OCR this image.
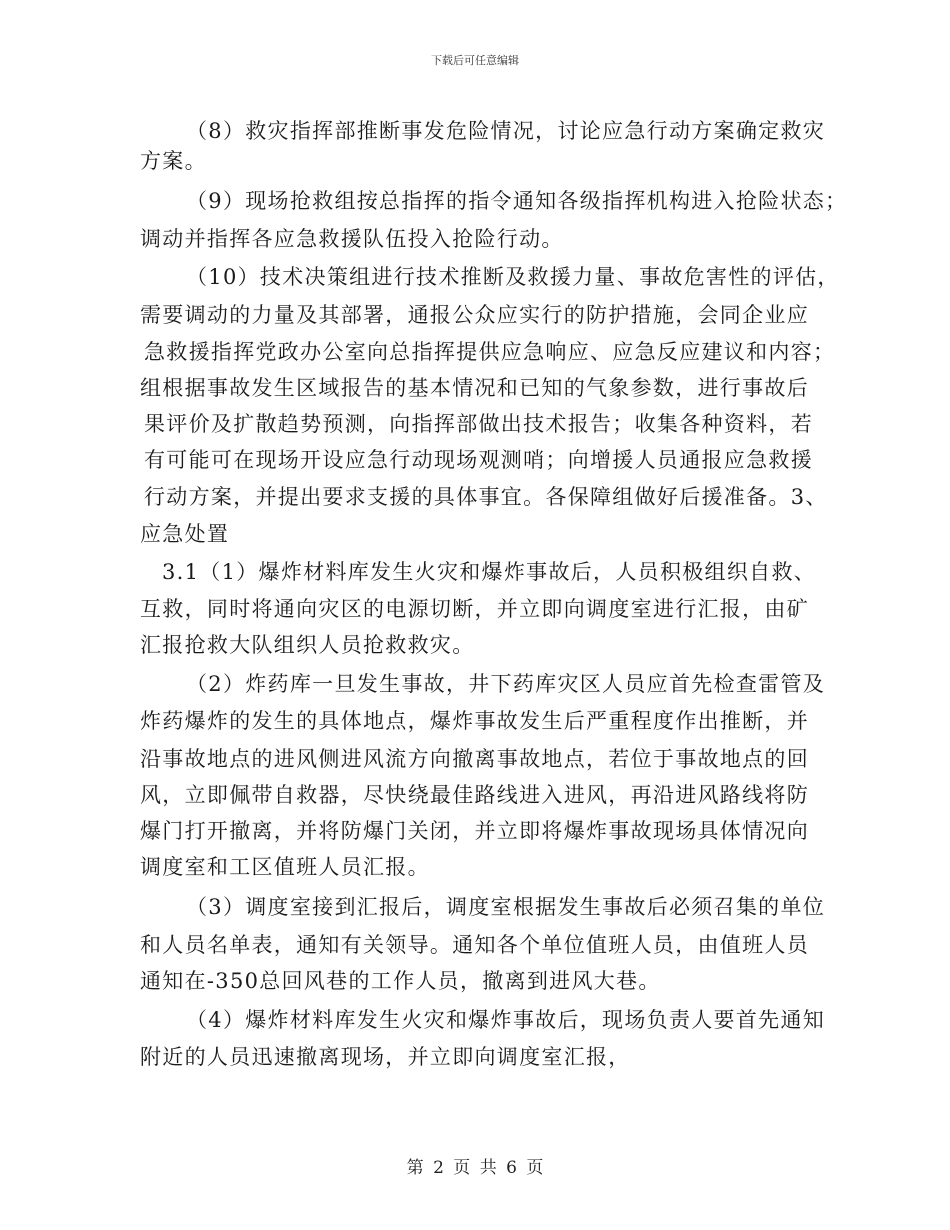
下载后可任意编辑
（8）救灾指挥部推断事发危险情况，讨论应急行动方案确定救灾
方案。
（9）现场抢救组按总指挥的指令通知各级指挥机构进入抢险状态；
调动并指挥各应急救援队伍投入抢险行动。
（10）技术决策组进行技术推断及救援力量、事故危害性的评估，
需要调动的力量及其部署，通报公众应实行的防护措施，会同企业应
急救援指挥党政办公室向总指挥提供应急响应、应急反应建议和内容；
组根据事故发生区域报告的基本情况和已知的气象参数，进行事故后
果评价及扩散趋势预测，向指挥部做出技术报告；收集各种资料，若
有可能可在现场开设应急行动现场观测哨；向增援人员通报应急救援
行动方案，并提出要求支援的具体事宜。各保障组做好后援准备。3、
应急处置
3.1（1）爆炸材料库发生火灾和爆炸事故后，人员积极组织自救、
互救，同时将通向灾区的电源切断，并立即向调度室进行汇报，由矿
汇报抢救大队组织人员抢救救灾。
（2）炸药库一旦发生事故，井下药库灾区人员应首先检查雷管及
炸药爆炸的发生的具体地点，爆炸事故发生后严重程度作出推断，并
沿事故地点的进风侧进风流方向撤离事故地点，若位于事故地点的回
风，立即佩带自救器，尽快绕最佳路线进入进风，再沿进风路线将防
爆门打开撤离，并将防爆门关闭，并立即将爆炸事故现场具体情况向
调度室和工区值班人员汇报。
（3）调度室接到汇报后，调度室根据发生事故后必须召集的单位
和人员名单表，通知有关领导。通知各个单位值班人员，由值班人员
通知在-350总回风巷的工作人员，撤离到进风大巷。
（4）爆炸材料库发生火灾和爆炸事故后，现场负责人要首先通知
附近的人员迅速撤离现场，并立即向调度室汇报，
第 2 页 共 6 页
